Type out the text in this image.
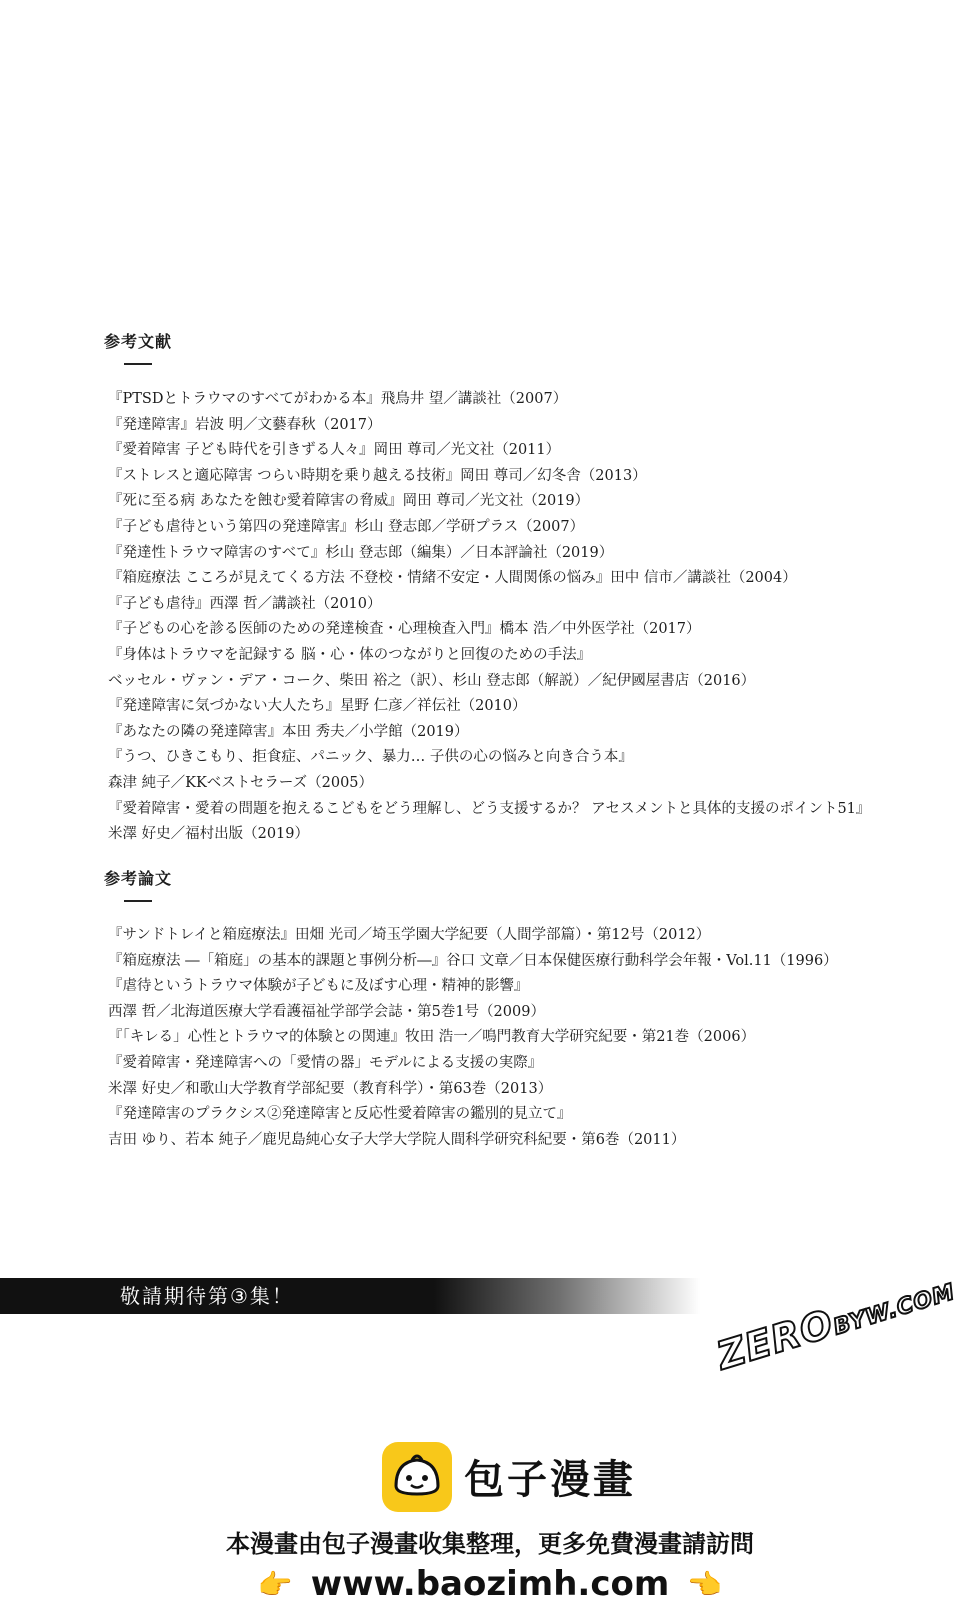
参考文献
『PTSDとトラウマのすべてがわかる本』飛鳥井 望／講談社（2007）
『発達障害』岩波 明／文藝春秋（2017）
『愛着障害 子ども時代を引きずる人々』岡田 尊司／光文社（2011）
『ストレスと適応障害 つらい時期を乗り越える技術』岡田 尊司／幻冬舎（2013）
『死に至る病 あなたを蝕む愛着障害の脅威』岡田 尊司／光文社（2019）
『子ども虐待という第四の発達障害』杉山 登志郎／学研プラス（2007）
『発達性トラウマ障害のすべて』杉山 登志郎（編集）／日本評論社（2019）
『箱庭療法 こころが見えてくる方法 不登校・情緒不安定・人間関係の悩み』田中 信市／講談社（2004）
『子ども虐待』西澤 哲／講談社（2010）
『子どもの心を診る医師のための発達検査・心理検査入門』橋本 浩／中外医学社（2017）
『身体はトラウマを記録する 脳・心・体のつながりと回復のための手法』
ベッセル・ヴァン・デア・コーク、柴田 裕之（訳）、杉山 登志郎（解説）／紀伊國屋書店（2016）
『発達障害に気づかない大人たち』星野 仁彦／祥伝社（2010）
『あなたの隣の発達障害』本田 秀夫／小学館（2019）
『うつ、ひきこもり、拒食症、パニック、暴力… 子供の心の悩みと向き合う本』
森津 純子／KKベストセラーズ（2005）
『愛着障害・愛着の問題を抱えるこどもをどう理解し、どう支援するか？ アセスメントと具体的支援のポイント51』
米澤 好史／福村出版（2019）
参考論文
『サンドトレイと箱庭療法』田畑 光司／埼玉学園大学紀要（人間学部篇）・第12号（2012）
『箱庭療法 ―「箱庭」の基本的課題と事例分析―』谷口 文章／日本保健医療行動科学会年報・Vol.11（1996）
『虐待というトラウマ体験が子どもに及ぼす心理・精神的影響』
西澤 哲／北海道医療大学看護福祉学部学会誌・第5巻1号（2009）
『「キレる」心性とトラウマ的体験との関連』牧田 浩一／鳴門教育大学研究紀要・第21巻（2006）
『愛着障害・発達障害への「愛情の器」モデルによる支援の実際』
米澤 好史／和歌山大学教育学部紀要（教育科学）・第63巻（2013）
『発達障害のプラクシス②発達障害と反応性愛着障害の鑑別的見立て』
吉田 ゆり、若本 純子／鹿児島純心女子大学大学院人間科学研究科紀要・第6巻（2011）
敬請期待第③集！
ZEROBYW.COM
包子漫畫
本漫畫由包子漫畫收集整理，更多免費漫畫請訪問
👉 www.baozimh.com 👈
